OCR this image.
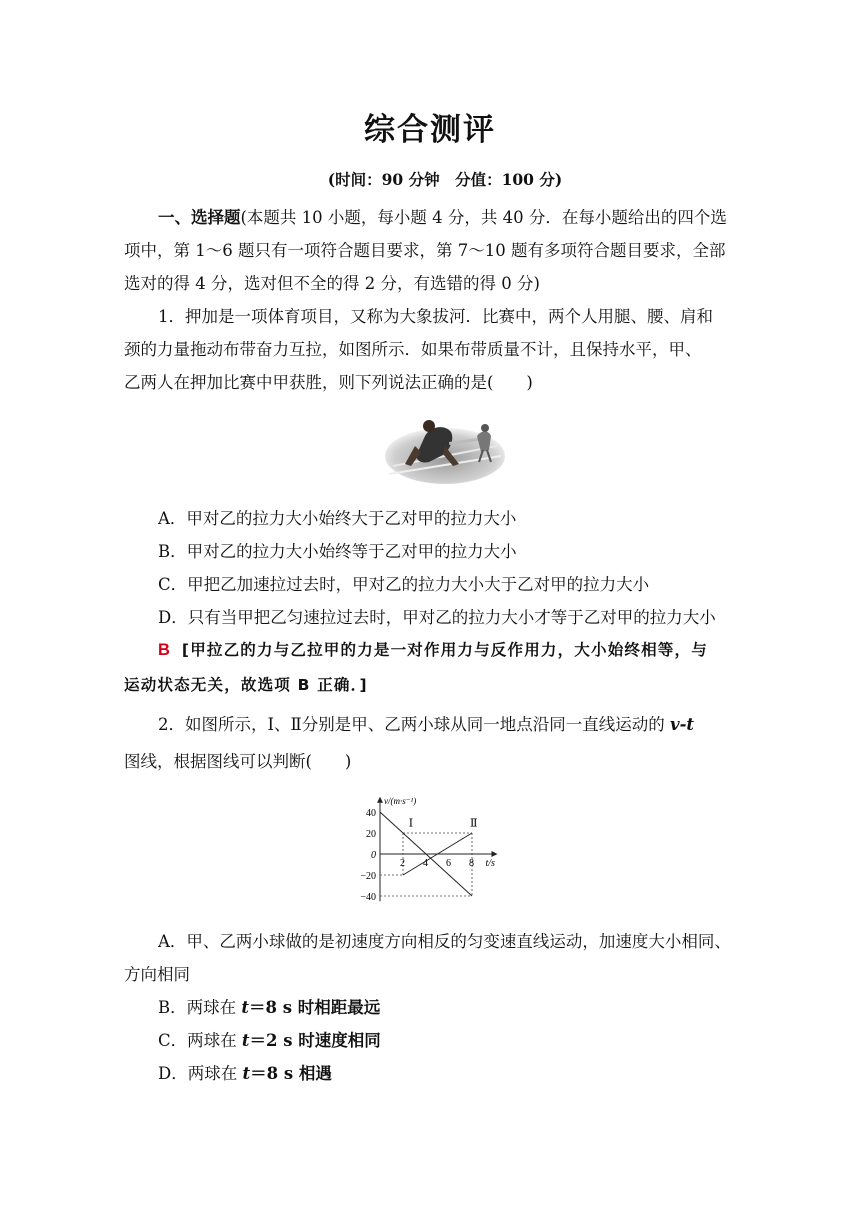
综合测评
(时间：90 分钟　分值：100 分)
一、选择题(本题共 10 小题，每小题 4 分，共 40 分．在每小题给出的四个选
项中，第 1～6 题只有一项符合题目要求，第 7～10 题有多项符合题目要求，全部
选对的得 4 分，选对但不全的得 2 分，有选错的得 0 分)
1．押加是一项体育项目，又称为大象拔河．比赛中，两个人用腿、腰、肩和
颈的力量拖动布带奋力互拉，如图所示．如果布带质量不计，且保持水平，甲、
乙两人在押加比赛中甲获胜，则下列说法正确的是(　　)
A．甲对乙的拉力大小始终大于乙对甲的拉力大小
B．甲对乙的拉力大小始终等于乙对甲的拉力大小
C．甲把乙加速拉过去时，甲对乙的拉力大小大于乙对甲的拉力大小
D．只有当甲把乙匀速拉过去时，甲对乙的拉力大小才等于乙对甲的拉力大小
B [甲拉乙的力与乙拉甲的力是一对作用力与反作用力，大小始终相等，与
运动状态无关，故选项 B 正确．]
2．如图所示，Ⅰ、Ⅱ分别是甲、乙两小球从同一地点沿同一直线运动的 v-t
图线，根据图线可以判断(　　)
Ⅰ	Ⅱ
2 4 6 8
40
20
0
−20
−40
v/(m·s⁻¹)
t/s
A．甲、乙两小球做的是初速度方向相反的匀变速直线运动，加速度大小相同、
方向相同
B．两球在 t＝8 s 时相距最远
C．两球在 t＝2 s 时速度相同
D．两球在 t＝8 s 相遇
